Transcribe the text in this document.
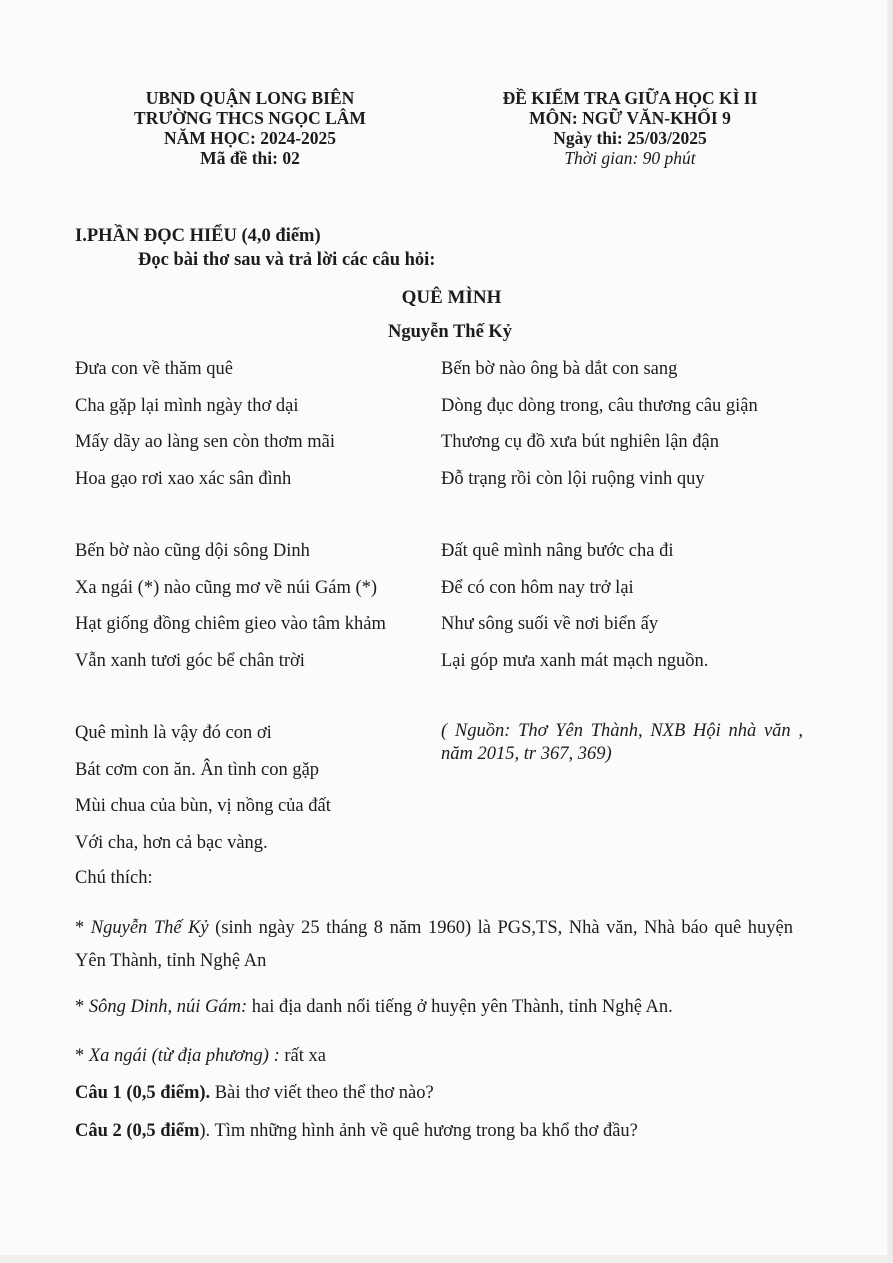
UBND QUẬN LONG BIÊN
TRƯỜNG THCS NGỌC LÂM
NĂM HỌC: 2024-2025
Mã đề thi: 02
ĐỀ KIỂM TRA GIỮA HỌC KÌ II
MÔN: NGỮ VĂN-KHỐI 9
Ngày thi: 25/03/2025
Thời gian: 90 phút
I.PHẦN ĐỌC HIỂU (4,0 điểm)
Đọc bài thơ sau và trả lời các câu hỏi:
QUÊ MÌNH
Nguyễn Thế Kỷ
Đưa con về thăm quê
Cha gặp lại mình ngày thơ dại
Mấy dãy ao làng sen còn thơm mãi
Hoa gạo rơi xao xác sân đình
Bến bờ nào cũng dội sông Dinh
Xa ngái (*) nào cũng mơ về núi Gám (*)
Hạt giống đồng chiêm gieo vào tâm khảm
Vẫn xanh tươi góc bể chân trời
Quê mình là vậy đó con ơi
Bát cơm con ăn. Ân tình con gặp
Mùi chua của bùn, vị nồng của đất
Với cha, hơn cả bạc vàng.
Bến bờ nào ông bà dắt con sang
Dòng đục dòng trong, câu thương câu giận
Thương cụ đồ xưa bút nghiên lận đận
Đỗ trạng rồi còn lội ruộng vinh quy
Đất quê mình nâng bước cha đi
Để có con hôm nay trở lại
Như sông suối về nơi biển ấy
Lại góp mưa xanh mát mạch nguồn.
( Nguồn: Thơ Yên Thành, NXB Hội nhà văn , năm 2015, tr 367, 369)
Chú thích:
* Nguyễn Thế Kỷ (sinh ngày 25 tháng 8 năm 1960) là PGS,TS, Nhà văn, Nhà báo quê huyện Yên Thành, tỉnh Nghệ An
* Sông Dinh, núi Gám: hai địa danh nổi tiếng ở huyện yên Thành, tỉnh Nghệ An.
* Xa ngái (từ địa phương) : rất xa
Câu 1 (0,5 điểm). Bài thơ viết theo thể thơ nào?
Câu 2 (0,5 điểm). Tìm những hình ảnh về quê hương trong ba khổ thơ đầu?
